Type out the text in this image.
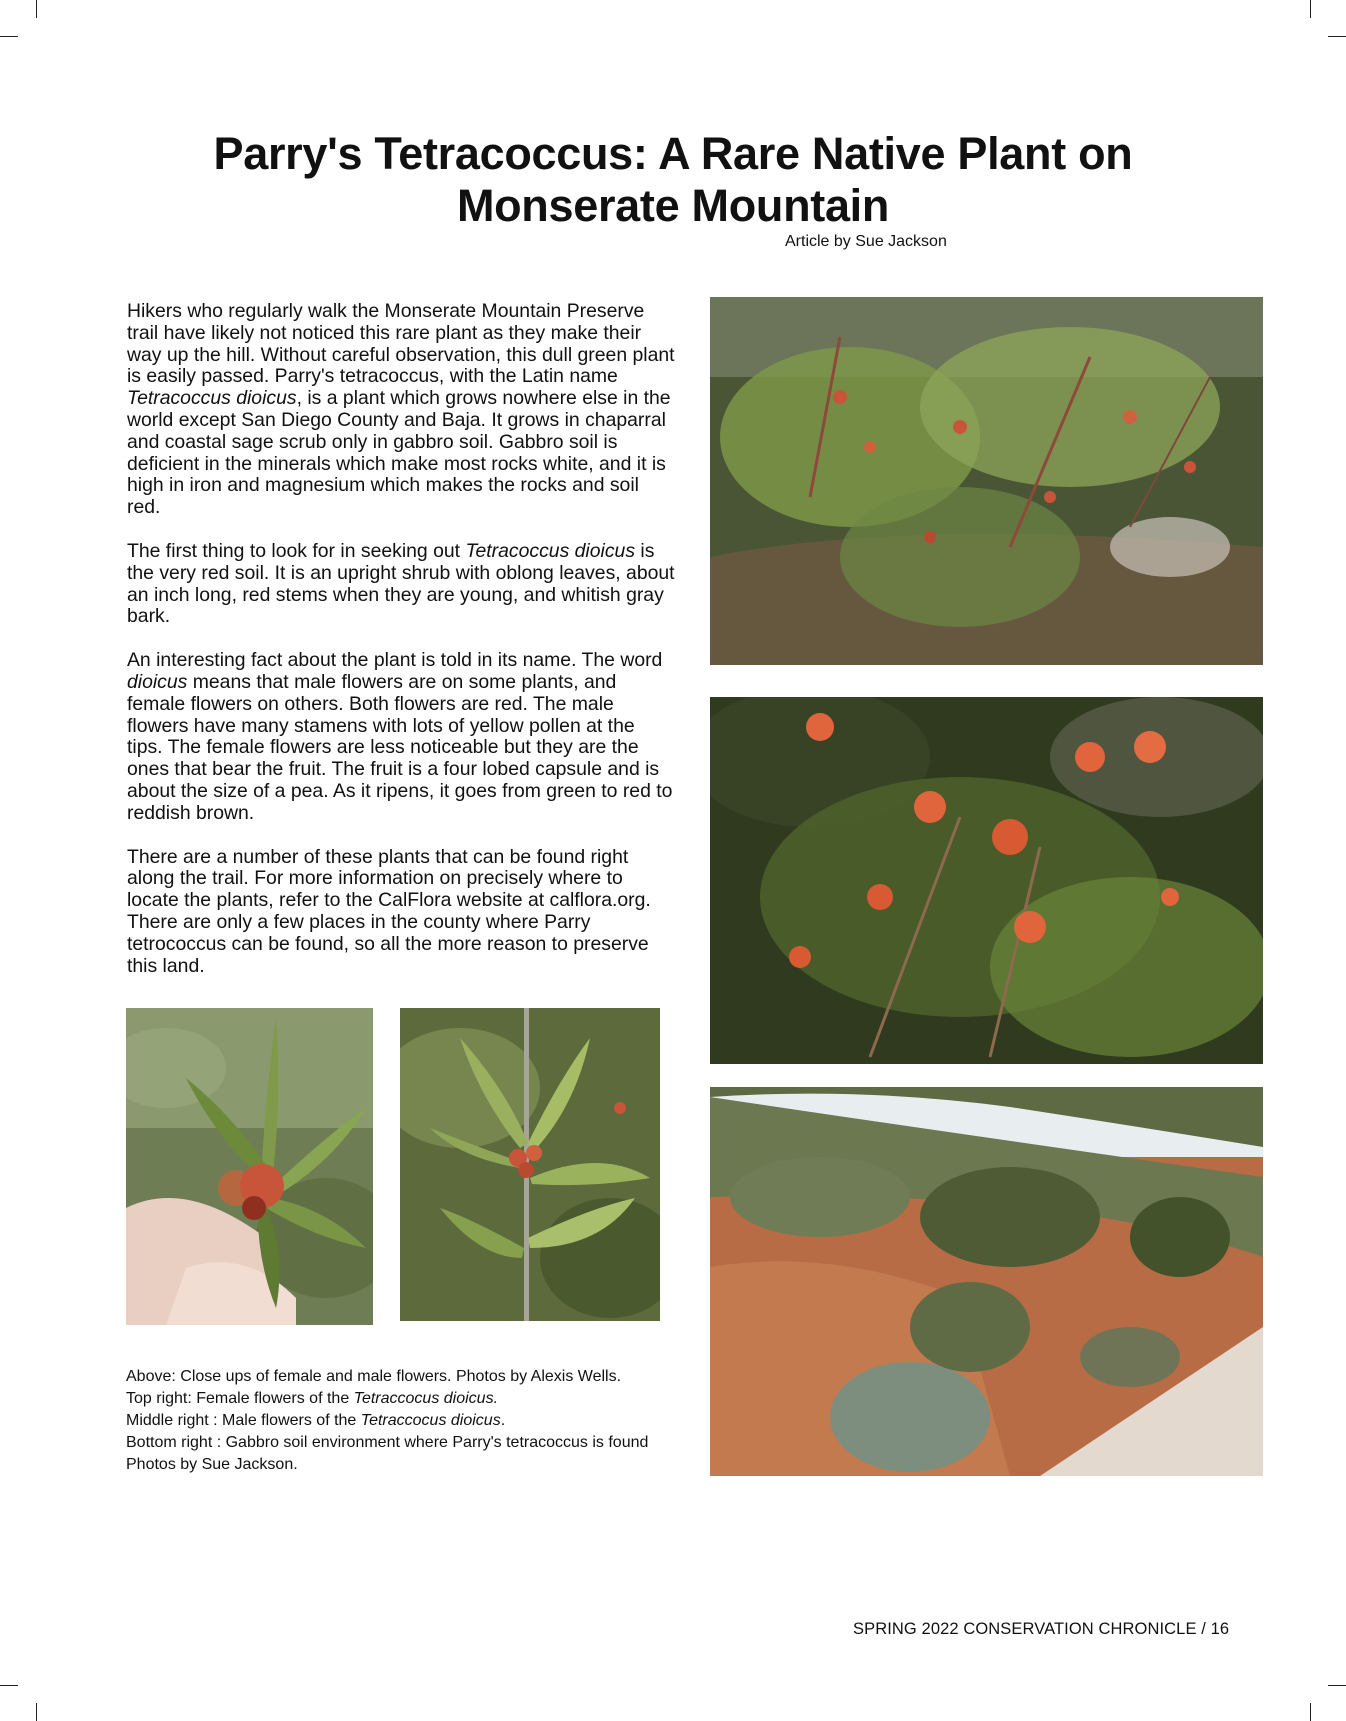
Parry's Tetracoccus: A Rare Native Plant on Monserate Mountain
Article by Sue Jackson

Hikers who regularly walk the Monserate Mountain Preserve trail have likely not noticed this rare plant as they make their way up the hill. Without careful observation, this dull green plant is easily passed. Parry's tetracoccus, with the Latin name Tetracoccus dioicus, is a plant which grows nowhere else in the world except San Diego County and Baja. It grows in chaparral and coastal sage scrub only in gabbro soil. Gabbro soil is deficient in the minerals which make most rocks white, and it is high in iron and magnesium which makes the rocks and soil red.

The first thing to look for in seeking out Tetracoccus dioicus is the very red soil. It is an upright shrub with oblong leaves, about an inch long, red stems when they are young, and whitish gray bark.

An interesting fact about the plant is told in its name. The word dioicus means that male flowers are on some plants, and female flowers on others. Both flowers are red. The male flowers have many stamens with lots of yellow pollen at the tips. The female flowers are less noticeable but they are the ones that bear the fruit. The fruit is a four lobed capsule and is about the size of a pea. As it ripens, it goes from green to red to reddish brown.

There are a number of these plants that can be found right along the trail. For more information on precisely where to locate the plants, refer to the CalFlora website at calflora.org. There are only a few places in the county where Parry tetrococcus can be found, so all the more reason to preserve this land.

Above: Close ups of female and male flowers. Photos by Alexis Wells.
Top right: Female flowers of the Tetraccocus dioicus.
Middle right : Male flowers of the Tetraccocus dioicus.
Bottom right : Gabbro soil environment where Parry's tetracoccus is found
Photos by Sue Jackson.
SPRING 2022 CONSERVATION CHRONICLE / 16
